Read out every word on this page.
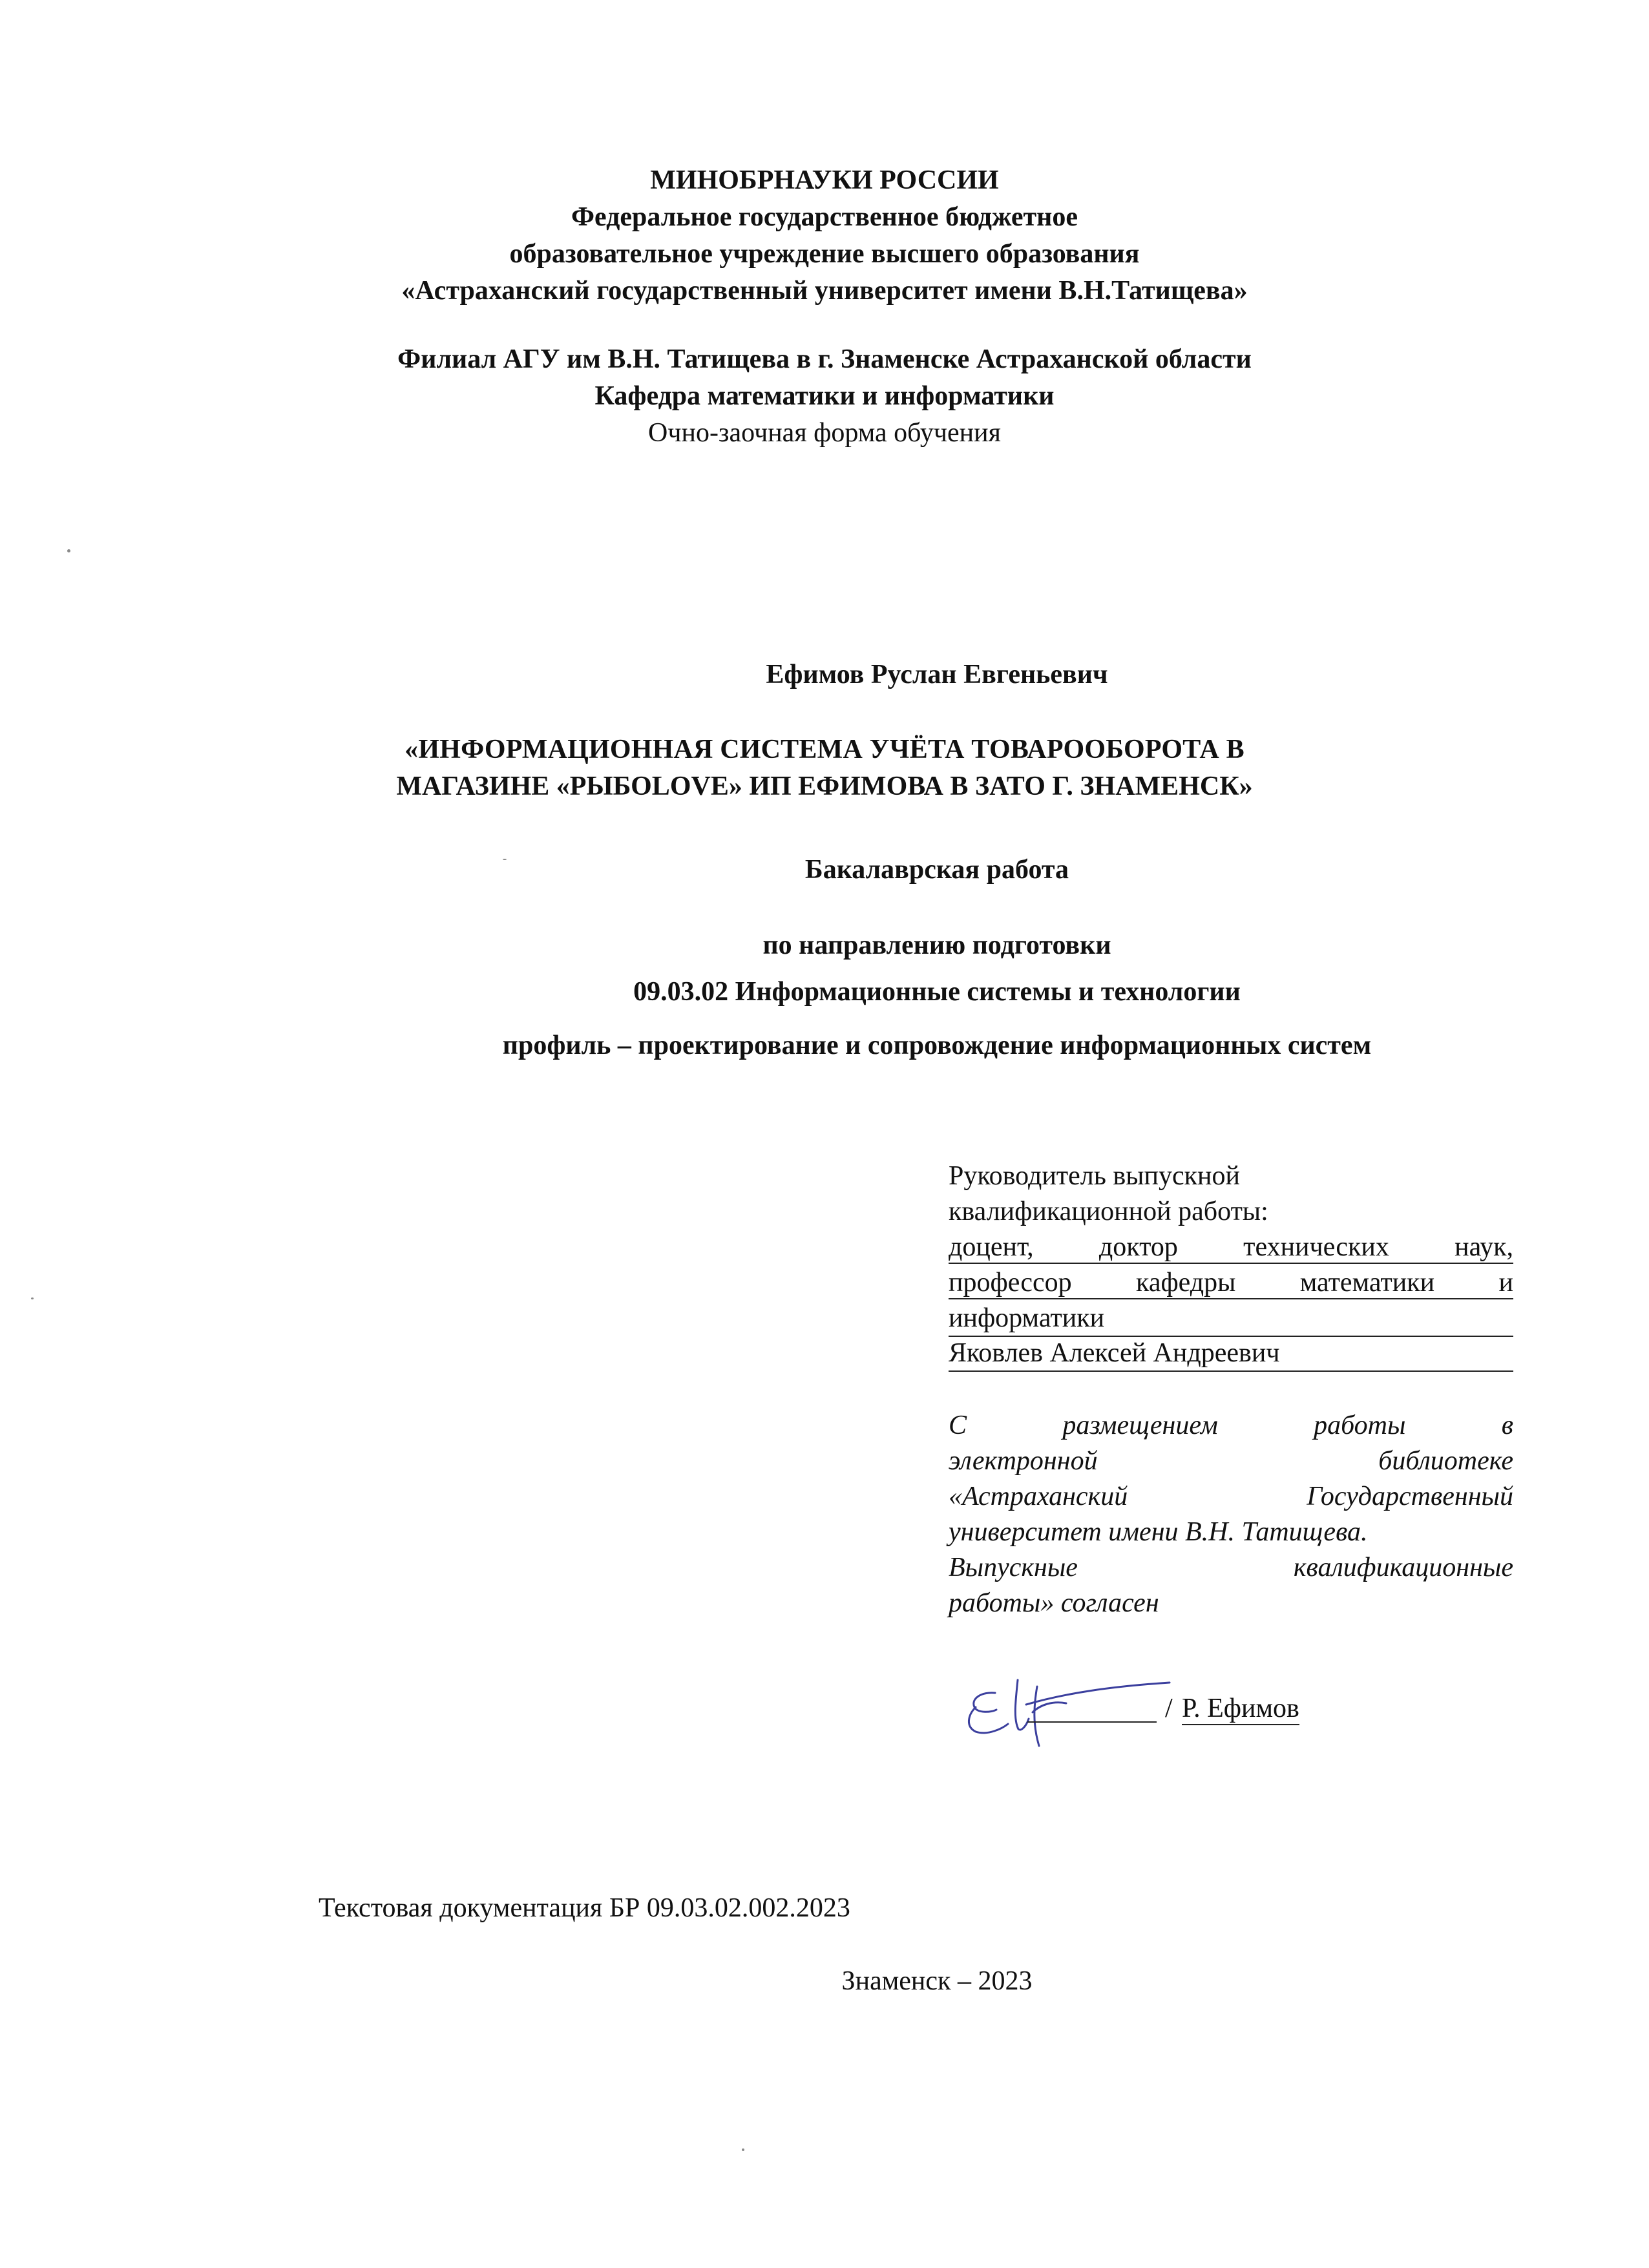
МИНОБРНАУКИ РОССИИ

Федеральное государственное бюджетное

образовательное учреждение высшего образования

«Астраханский государственный университет имени В.Н.Татищева»

Филиал АГУ им В.Н. Татищева в г. Знаменске Астраханской области

Кафедра математики и информатики

Очно-заочная форма обучения

Ефимов Руслан Евгеньевич

«ИНФОРМАЦИОННАЯ СИСТЕМА УЧЁТА ТОВАРООБОРОТА В

МАГАЗИНЕ «РЫБОLOVE» ИП ЕФИМОВА В ЗАТО Г. ЗНАМЕНСК»

Бакалаврская работа

по направлению подготовки

09.03.02 Информационные системы и технологии

профиль – проектирование и сопровождение информационных систем

Руководитель выпускной

квалификационной работы:

доцент, доктор технических наук,

профессор кафедры математики и

информатики

Яковлев Алексей Андреевич

С размещением работы в

электронной библиотеке

«Астраханский Государственный

университет имени В.Н. Татищева.

Выпускные квалификационные

работы» согласен

/ Р. Ефимов

Текстовая документация БР 09.03.02.002.2023

Знаменск – 2023
